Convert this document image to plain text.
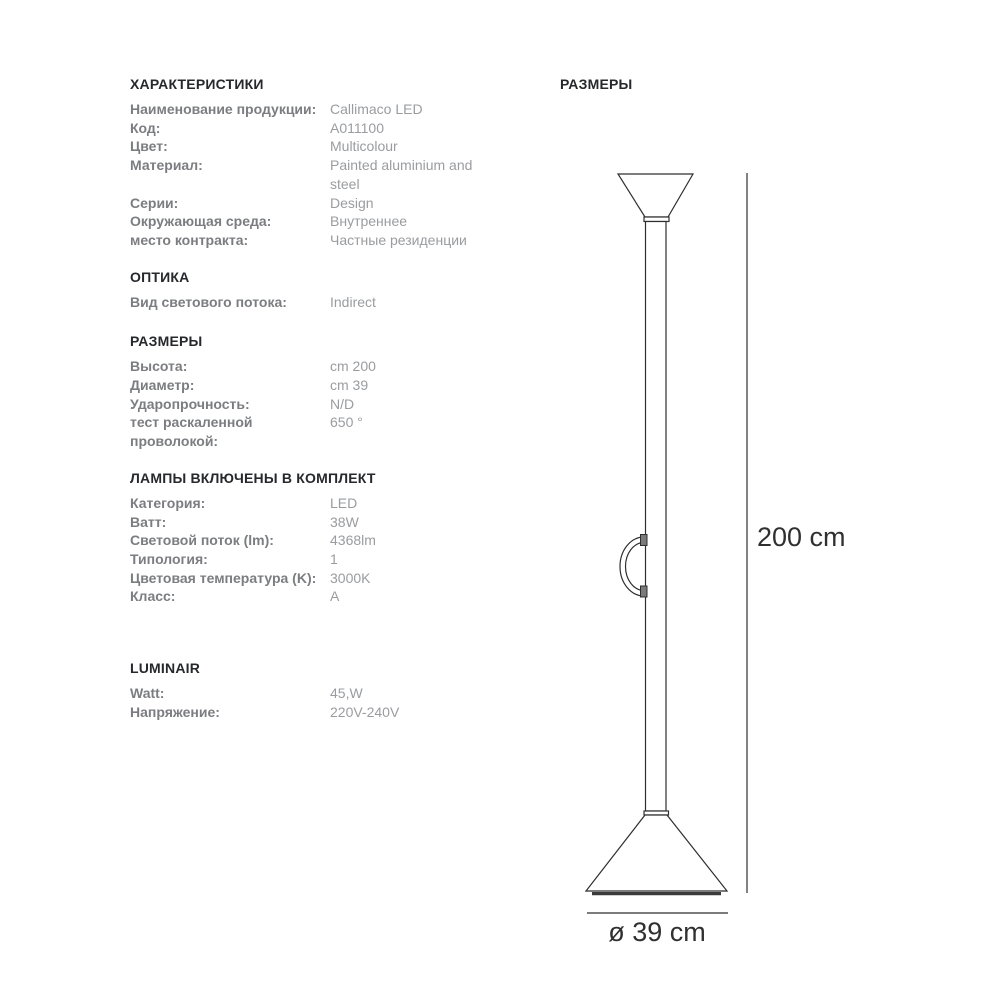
ХАРАКТЕРИСТИКИ
Наименование продукции: Callimaco LED
Код:	A011100
Цвет:	Multicolour
Материал:	Painted aluminium and steel
Серии:	Design
Окружающая среда:	Внутреннее
место контракта:	Частные резиденции
ОПТИКА
Вид светового потока:	Indirect
РАЗМЕРЫ
Высота:	cm 200
Диаметр:	cm 39
Ударопрочность:	N/D
тест раскаленной проволокой:
650 °
ЛАМПЫ ВКЛЮЧЕНЫ В КОМПЛЕКТ
Категория:	LED
Ватт:	38W
Световой поток (lm):	4368lm
Типология:	1
Цветовая температура (K): 3000K
Класс:	A
LUMINAIR
Watt:	45,W
Напряжение:	220V-240V
РАЗМЕРЫ
200 cm
ø 39 cm
